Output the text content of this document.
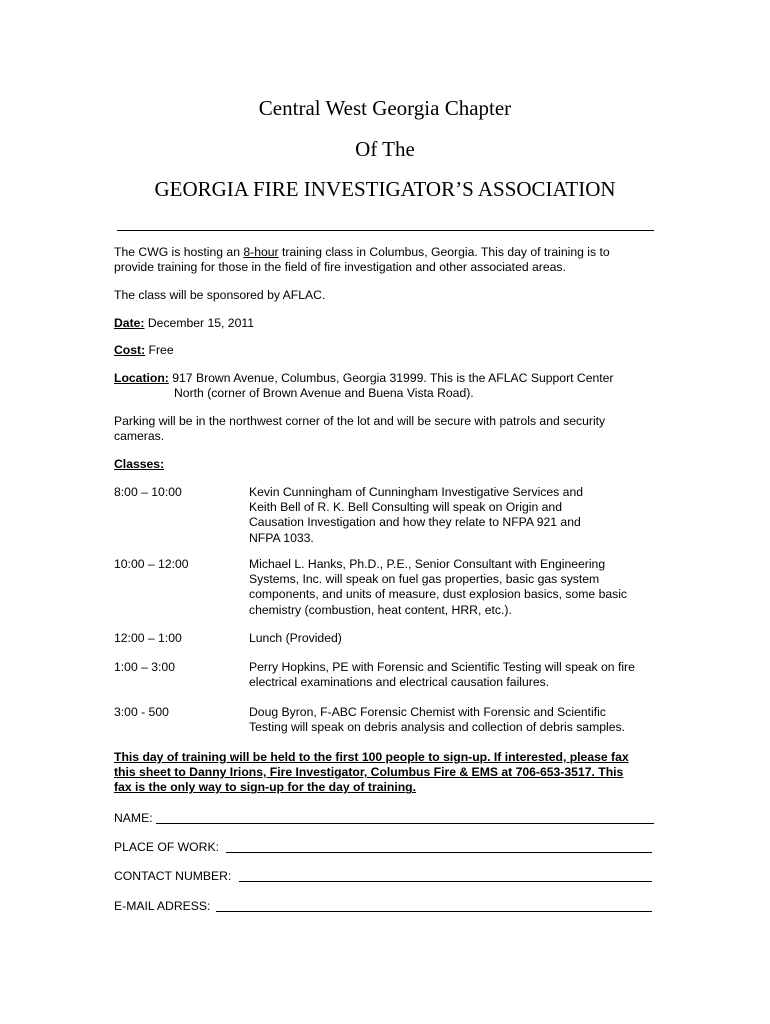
Central West Georgia Chapter
Of The
GEORGIA FIRE INVESTIGATOR’S ASSOCIATION
The CWG is hosting an 8-hour training class in Columbus, Georgia. This day of training is to
provide training for those in the field of fire investigation and other associated areas.
The class will be sponsored by AFLAC.
Date: December 15, 2011
Cost: Free
Location: 917 Brown Avenue, Columbus, Georgia 31999. This is the AFLAC Support Center
North (corner of Brown Avenue and Buena Vista Road).
Parking will be in the northwest corner of the lot and will be secure with patrols and security
cameras.
Classes:
8:00 – 10:00	Kevin Cunningham of Cunningham Investigative Services and
Keith Bell of R. K. Bell Consulting will speak on Origin and
Causation Investigation and how they relate to NFPA 921 and
NFPA 1033.
10:00 – 12:00	Michael L. Hanks, Ph.D., P.E., Senior Consultant with Engineering
Systems, Inc. will speak on fuel gas properties, basic gas system
components, and units of measure, dust explosion basics, some basic
chemistry (combustion, heat content, HRR, etc.).
12:00 – 1:00	Lunch (Provided)
1:00 – 3:00	Perry Hopkins, PE with Forensic and Scientific Testing will speak on fire
electrical examinations and electrical causation failures.
3:00 - 500	Doug Byron, F-ABC Forensic Chemist with Forensic and Scientific
Testing will speak on debris analysis and collection of debris samples.
This day of training will be held to the first 100 people to sign-up. If interested, please fax
this sheet to Danny Irions, Fire Investigator, Columbus Fire & EMS at 706-653-3517. This
fax is the only way to sign-up for the day of training.
NAME:
PLACE OF WORK:
CONTACT NUMBER:
E-MAIL ADRESS:
